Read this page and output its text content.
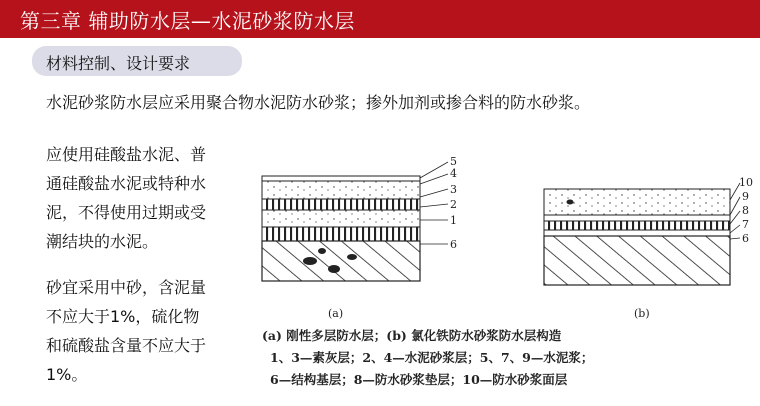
第三章 辅助防水层—水泥砂浆防水层
材料控制、设计要求
水泥砂浆防水层应采用聚合物水泥防水砂浆；掺外加剂或掺合料的防水砂浆。
应使用硅酸盐水泥、普
通硅酸盐水泥或特种水
泥，不得使用过期或受
潮结块的水泥。
砂宜采用中砂，含泥量
不应大于1%，硫化物
和硫酸盐含量不应大于
1%。
5
4
3
2
1
6
(a)
10
9
8
7
6
(b)
(a) 刚性多层防水层；(b) 氯化铁防水砂浆防水层构造
1、3—素灰层；2、4—水泥砂浆层；5、7、9—水泥浆；
6—结构基层；8—防水砂浆垫层；10—防水砂浆面层
